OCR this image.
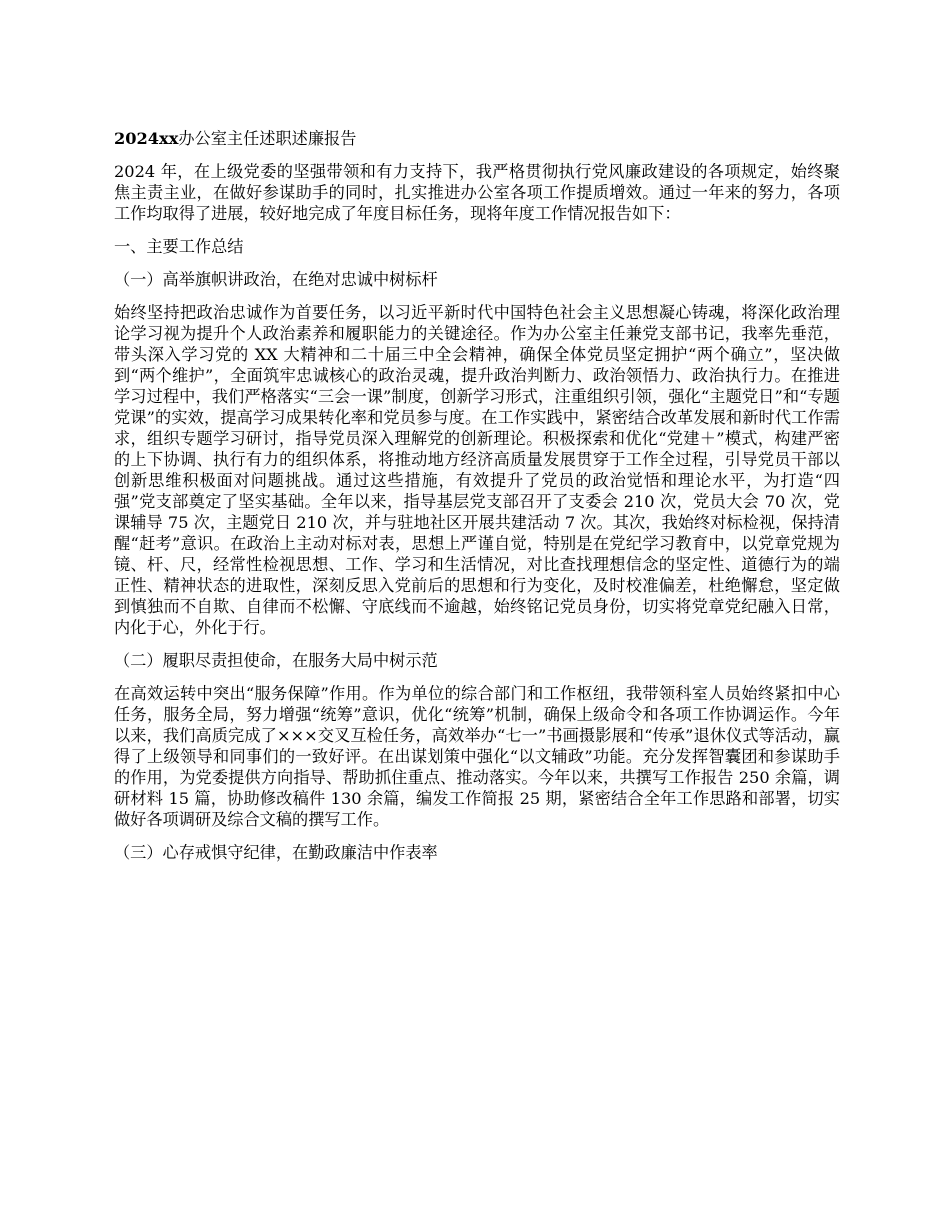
2024xx办公室主任述职述廉报告

2024 年，在上级党委的坚强带领和有力支持下，我严格贯彻执行党风廉政建设的各项规定，始终聚焦主责主业，在做好参谋助手的同时，扎实推进办公室各项工作提质增效。通过一年来的努力，各项工作均取得了进展，较好地完成了年度目标任务，现将年度工作情况报告如下：

一、主要工作总结
（一）高举旗帜讲政治，在绝对忠诚中树标杆

始终坚持把政治忠诚作为首要任务，以习近平新时代中国特色社会主义思想凝心铸魂，将深化政治理论学习视为提升个人政治素养和履职能力的关键途径。作为办公室主任兼党支部书记，我率先垂范，带头深入学习党的 XX 大精神和二十届三中全会精神，确保全体党员坚定拥护“两个确立”，坚决做到“两个维护”，全面筑牢忠诚核心的政治灵魂，提升政治判断力、政治领悟力、政治执行力。在推进学习过程中，我们严格落实“三会一课”制度，创新学习形式，注重组织引领，强化“主题党日”和“专题党课”的实效，提高学习成果转化率和党员参与度。在工作实践中，紧密结合改革发展和新时代工作需求，组织专题学习研讨，指导党员深入理解党的创新理论。积极探索和优化“党建＋”模式，构建严密的上下协调、执行有力的组织体系，将推动地方经济高质量发展贯穿于工作全过程，引导党员干部以创新思维积极面对问题挑战。通过这些措施，有效提升了党员的政治觉悟和理论水平，为打造“四强”党支部奠定了坚实基础。全年以来，指导基层党支部召开了支委会 210 次，党员大会 70 次，党课辅导 75 次，主题党日 210 次，并与驻地社区开展共建活动 7 次。其次，我始终对标检视，保持清醒“赶考”意识。在政治上主动对标对表，思想上严谨自觉，特别是在党纪学习教育中，以党章党规为镜、杆、尺，经常性检视思想、工作、学习和生活情况，对比查找理想信念的坚定性、道德行为的端正性、精神状态的进取性，深刻反思入党前后的思想和行为变化，及时校准偏差，杜绝懈怠，坚定做到慎独而不自欺、自律而不松懈、守底线而不逾越，始终铭记党员身份，切实将党章党纪融入日常，内化于心，外化于行。

（二）履职尽责担使命，在服务大局中树示范

在高效运转中突出“服务保障”作用。作为单位的综合部门和工作枢纽，我带领科室人员始终紧扣中心任务，服务全局，努力增强“统筹”意识，优化“统筹”机制，确保上级命令和各项工作协调运作。今年以来，我们高质完成了×××交叉互检任务，高效举办“七一”书画摄影展和“传承”退休仪式等活动，赢得了上级领导和同事们的一致好评。在出谋划策中强化“以文辅政”功能。充分发挥智囊团和参谋助手的作用，为党委提供方向指导、帮助抓住重点、推动落实。今年以来，共撰写工作报告 250 余篇，调研材料 15 篇，协助修改稿件 130 余篇，编发工作简报 25 期，紧密结合全年工作思路和部署，切实做好各项调研及综合文稿的撰写工作。

（三）心存戒惧守纪律，在勤政廉洁中作表率
